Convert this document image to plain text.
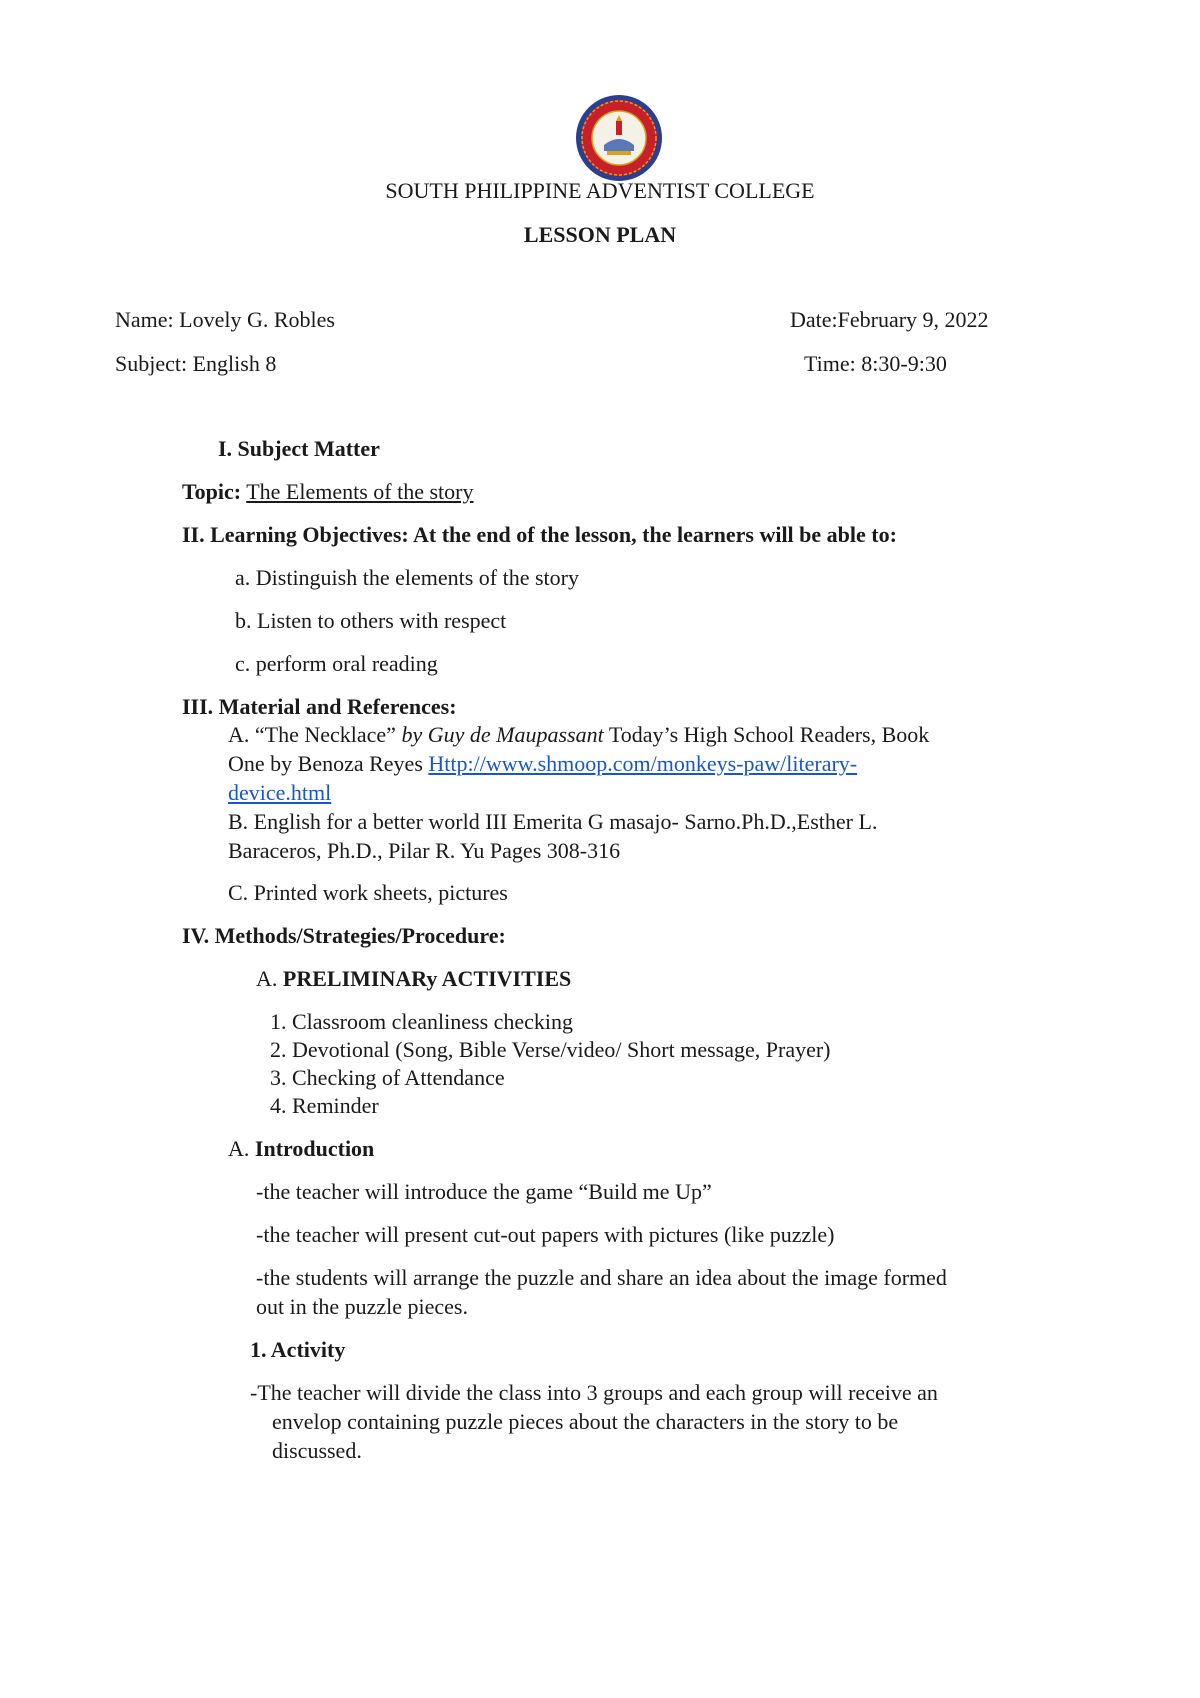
SOUTH PHILIPPINE ADVENTIST COLLEGE
LESSON PLAN
Name: Lovely G. Robles	Date:February 9, 2022
Subject: English 8	Time: 8:30-9:30
I. Subject Matter
Topic: The Elements of the story
II. Learning Objectives: At the end of the lesson, the learners will be able to:
a. Distinguish the elements of the story
b. Listen to others with respect
c. perform oral reading
III. Material and References:
A. “The Necklace” by Guy de Maupassant Today’s High School Readers, Book
One by Benoza Reyes Http://www.shmoop.com/monkeys-paw/literary-
device.html
B. English for a better world III Emerita G masajo- Sarno.Ph.D.,Esther L.
Baraceros, Ph.D., Pilar R. Yu Pages 308-316
C. Printed work sheets, pictures
IV. Methods/Strategies/Procedure:
A. PRELIMINARy ACTIVITIES
1. Classroom cleanliness checking
2. Devotional (Song, Bible Verse/video/ Short message, Prayer)
3. Checking of Attendance
4. Reminder
A. Introduction
-the teacher will introduce the game “Build me Up”
-the teacher will present cut-out papers with pictures (like puzzle)
-the students will arrange the puzzle and share an idea about the image formed
out in the puzzle pieces.
1. Activity
-The teacher will divide the class into 3 groups and each group will receive an
envelop containing puzzle pieces about the characters in the story to be
discussed.
